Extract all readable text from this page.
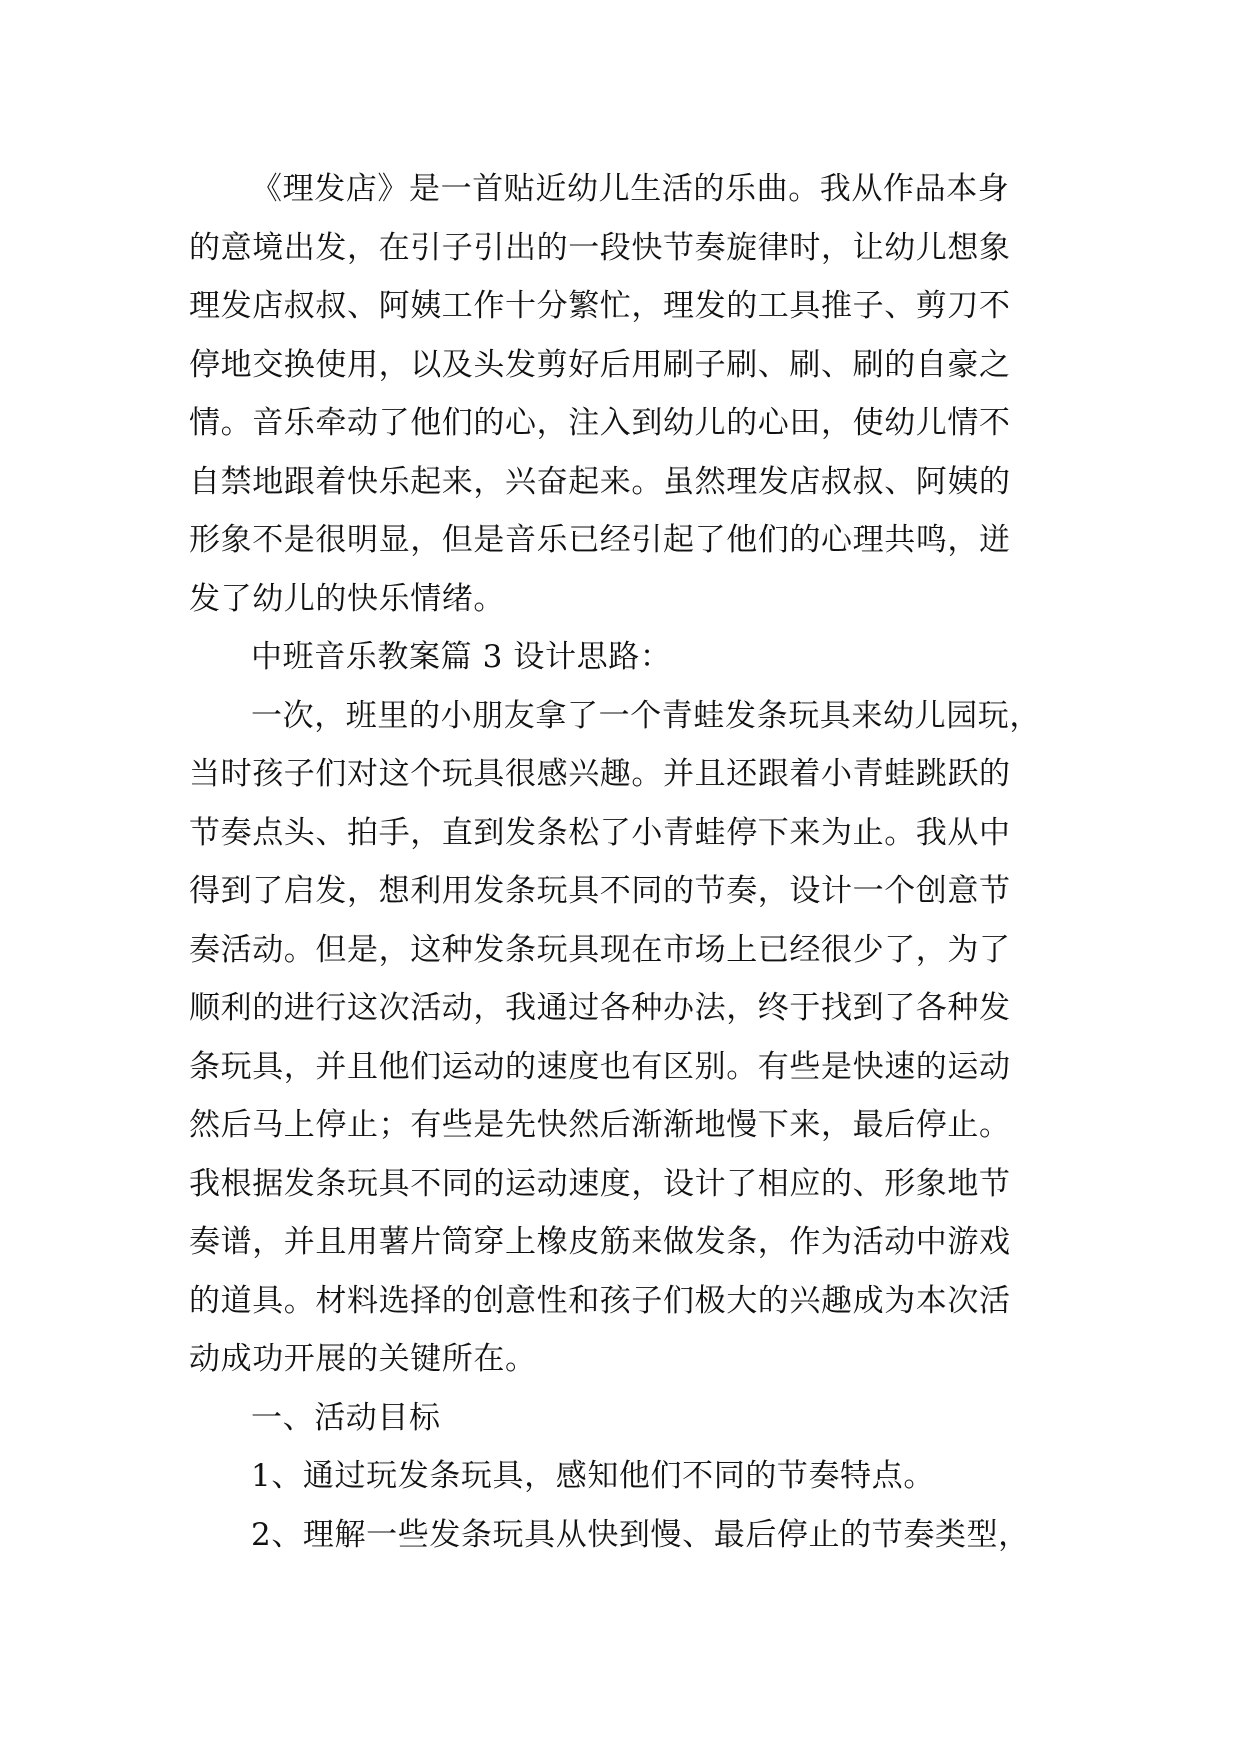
《理发店》是一首贴近幼儿生活的乐曲。我从作品本身
的意境出发，在引子引出的一段快节奏旋律时，让幼儿想象
理发店叔叔、阿姨工作十分繁忙，理发的工具推子、剪刀不
停地交换使用，以及头发剪好后用刷子刷、刷、刷的自豪之
情。音乐牵动了他们的心，注入到幼儿的心田，使幼儿情不
自禁地跟着快乐起来，兴奋起来。虽然理发店叔叔、阿姨的
形象不是很明显，但是音乐已经引起了他们的心理共鸣，迸
发了幼儿的快乐情绪。

中班音乐教案篇 3 设计思路：

一次，班里的小朋友拿了一个青蛙发条玩具来幼儿园玩，
当时孩子们对这个玩具很感兴趣。并且还跟着小青蛙跳跃的
节奏点头、拍手，直到发条松了小青蛙停下来为止。我从中
得到了启发，想利用发条玩具不同的节奏，设计一个创意节
奏活动。但是，这种发条玩具现在市场上已经很少了，为了
顺利的进行这次活动，我通过各种办法，终于找到了各种发
条玩具，并且他们运动的速度也有区别。有些是快速的运动
然后马上停止；有些是先快然后渐渐地慢下来，最后停止。
我根据发条玩具不同的运动速度，设计了相应的、形象地节
奏谱，并且用薯片筒穿上橡皮筋来做发条，作为活动中游戏
的道具。材料选择的创意性和孩子们极大的兴趣成为本次活
动成功开展的关键所在。

一、活动目标

1、通过玩发条玩具，感知他们不同的节奏特点。

2、理解一些发条玩具从快到慢、最后停止的节奏类型，
